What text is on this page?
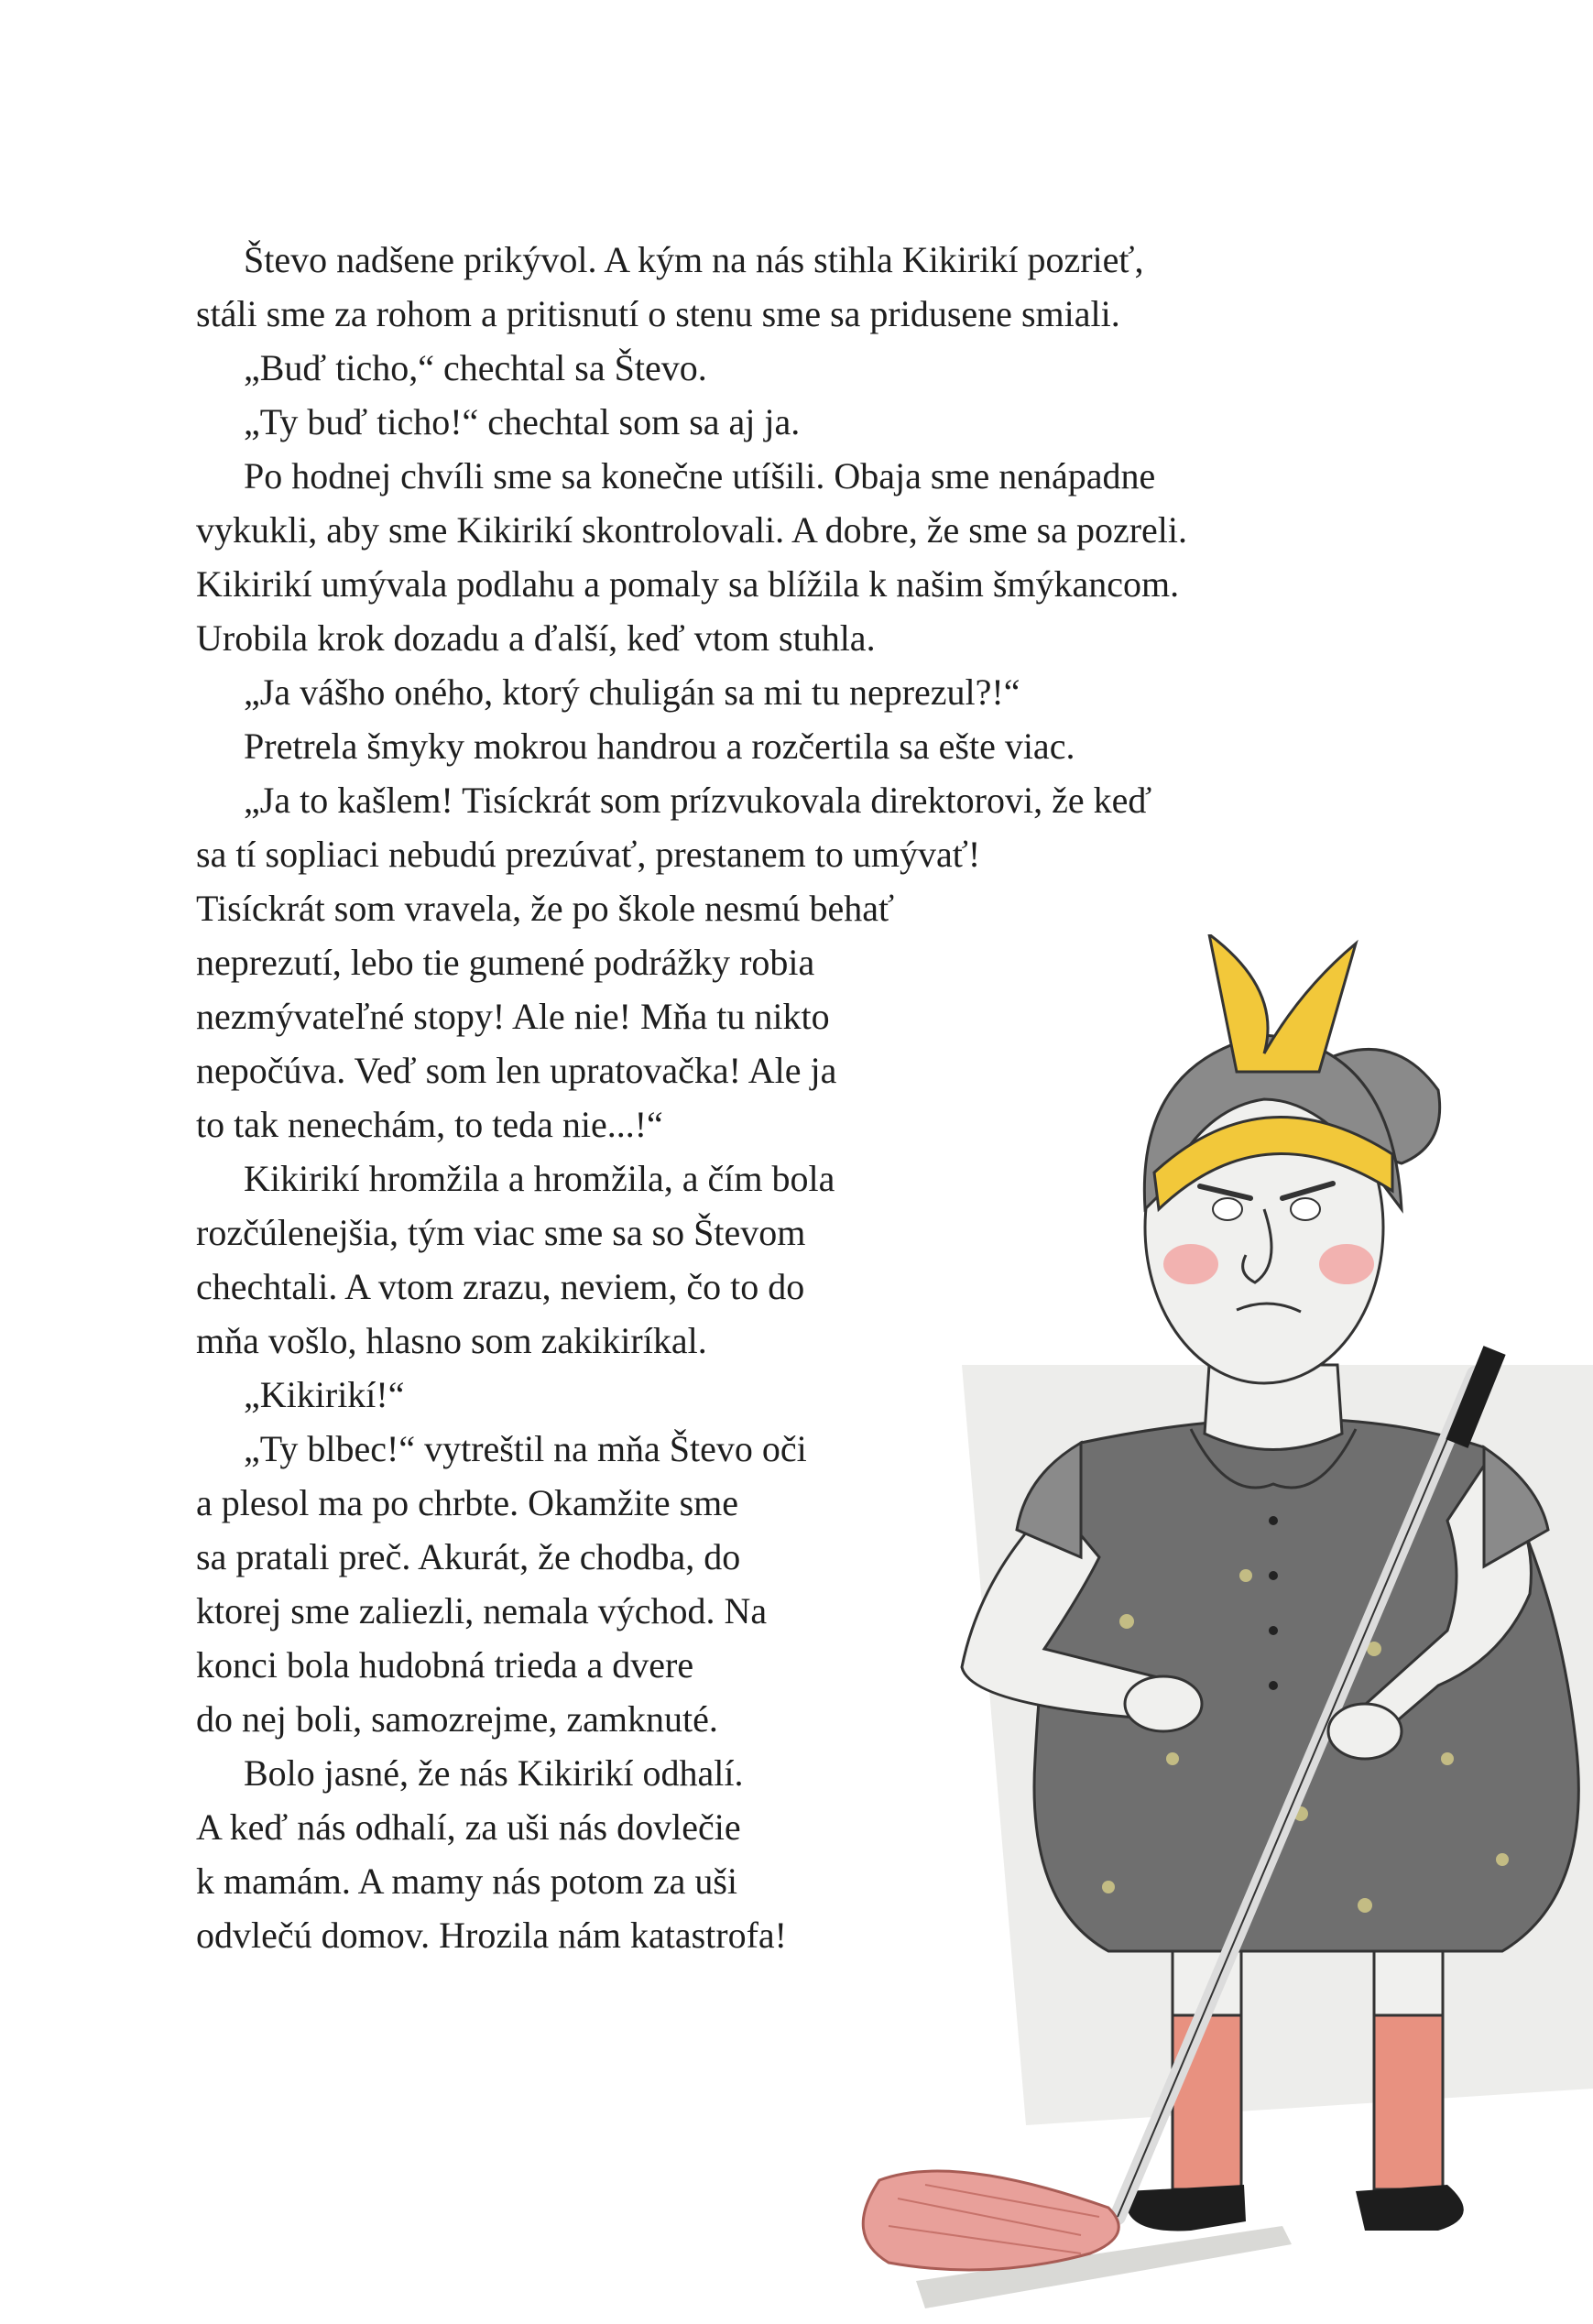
Števo nadšene prikývol. A kým na nás stihla Kikirikí pozrieť,
stáli sme za rohom a pritisnutí o stenu sme sa pridusene smiali.
„Buď ticho,“ chechtal sa Števo.
„Ty buď ticho!“ chechtal som sa aj ja.
Po hodnej chvíli sme sa konečne utíšili. Obaja sme nenápadne
vykukli, aby sme Kikirikí skontrolovali. A dobre, že sme sa pozreli.
Kikirikí umývala podlahu a pomaly sa blížila k našim šmýkancom.
Urobila krok dozadu a ďalší, keď vtom stuhla.
„Ja vášho oného, ktorý chuligán sa mi tu neprezul?!“
Pretrela šmyky mokrou handrou a rozčertila sa ešte viac.
„Ja to kašlem! Tisíckrát som prízvukovala direktorovi, že keď
sa tí sopliaci nebudú prezúvať, prestanem to umývať!
Tisíckrát som vravela, že po škole nesmú behať
neprezutí, lebo tie gumené podrážky robia
nezmývateľné stopy! Ale nie! Mňa tu nikto
nepočúva. Veď som len upratovačka! Ale ja
to tak nenechám, to teda nie...!“
Kikirikí hromžila a hromžila, a čím bola
rozčúlenejšia, tým viac sme sa so Števom
chechtali. A vtom zrazu, neviem, čo to do
mňa vošlo, hlasno som zakikiríkal.
„Kikirikí!“
„Ty blbec!“ vytreštil na mňa Števo oči
a plesol ma po chrbte. Okamžite sme
sa pratali preč. Akurát, že chodba, do
ktorej sme zaliezli, nemala východ. Na
konci bola hudobná trieda a dvere
do nej boli, samozrejme, zamknuté.
Bolo jasné, že nás Kikirikí odhalí.
A keď nás odhalí, za uši nás dovlečie
k mamám. A mamy nás potom za uši
odvlečú domov. Hrozila nám katastrofa!
